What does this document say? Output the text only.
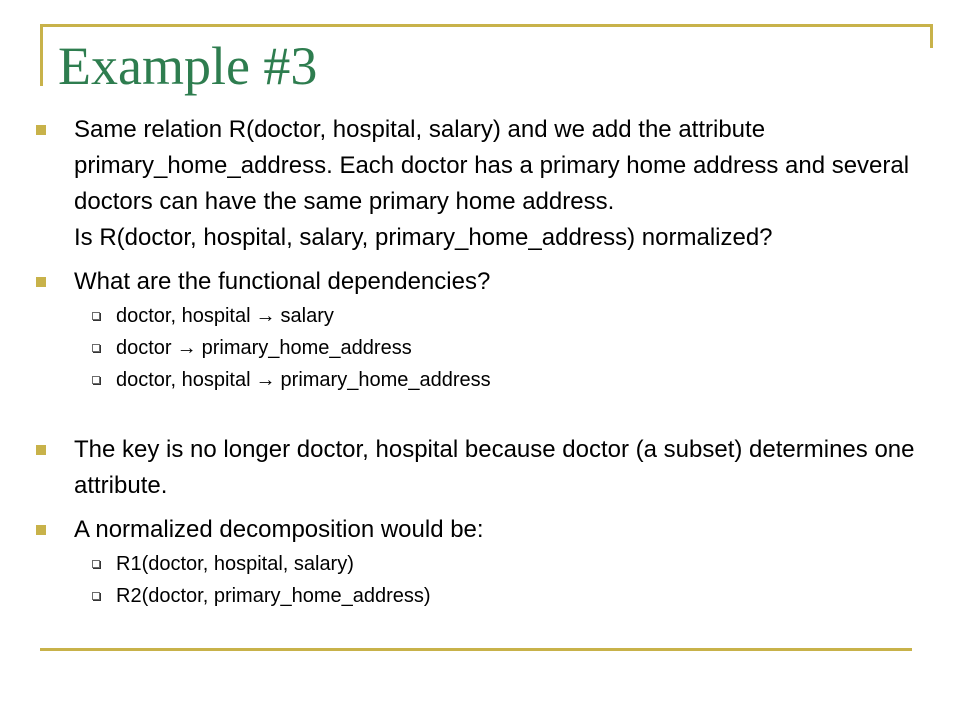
Example #3
Same relation R(doctor, hospital, salary) and we add the attribute primary_home_address. Each doctor has a primary home address and several doctors can have the same primary home address.
Is R(doctor, hospital, salary, primary_home_address) normalized?
What are the functional dependencies?
doctor, hospital → salary
doctor → primary_home_address
doctor, hospital → primary_home_address
The key is no longer doctor, hospital because doctor (a subset) determines one attribute.
A normalized decomposition would be:
R1(doctor, hospital, salary)
R2(doctor, primary_home_address)
